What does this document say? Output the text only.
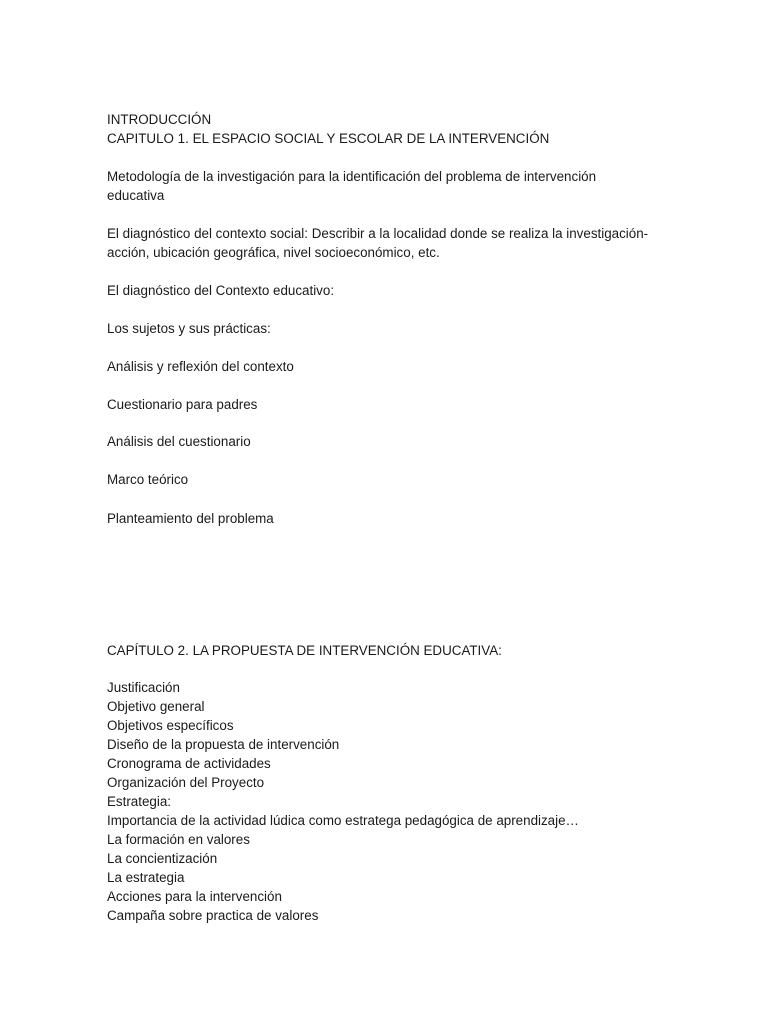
INTRODUCCIÓN
CAPITULO 1. EL ESPACIO SOCIAL Y ESCOLAR DE LA INTERVENCIÓN
Metodología de la investigación para la identificación del problema de intervención
educativa
El diagnóstico del contexto social: Describir a la localidad donde se realiza la investigación-
acción, ubicación geográfica, nivel socioeconómico, etc.
El diagnóstico del Contexto educativo:
Los sujetos y sus prácticas:
Análisis y reflexión del contexto
Cuestionario para padres
Análisis del cuestionario
Marco teórico
Planteamiento del problema
CAPÍTULO 2. LA PROPUESTA DE INTERVENCIÓN EDUCATIVA:
Justificación
Objetivo general
Objetivos específicos
Diseño de la propuesta de intervención
Cronograma de actividades
Organización del Proyecto
Estrategia:
Importancia de la actividad lúdica como estratega pedagógica de aprendizaje…
La formación en valores
La concientización
La estrategia
Acciones para la intervención
Campaña sobre practica de valores
